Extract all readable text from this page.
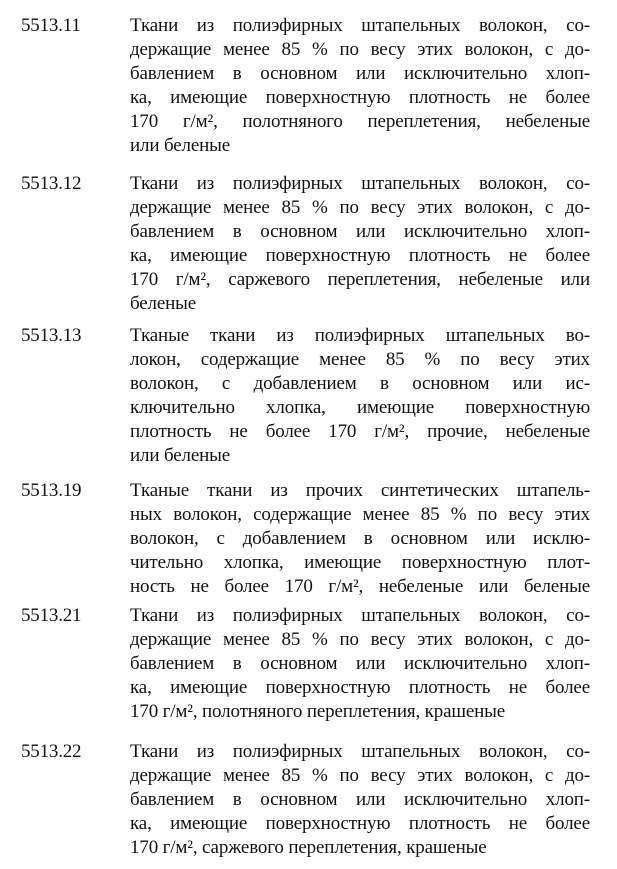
5513.11	Ткани из полиэфирных штапельных волокон, со-
держащие менее 85 % по весу этих волокон, с до-
бавлением в основном или исключительно хлоп-
ка, имеющие поверхностную плотность не более
170 г/м², полотняного переплетения, небеленые
или беленые
5513.12	Ткани из полиэфирных штапельных волокон, со-
держащие менее 85 % по весу этих волокон, с до-
бавлением в основном или исключительно хлоп-
ка, имеющие поверхностную плотность не более
170 г/м², саржевого переплетения, небеленые или
беленые
5513.13	Тканые ткани из полиэфирных штапельных во-
локон, содержащие менее 85 % по весу этих
волокон, с добавлением в основном или ис-
ключительно хлопка, имеющие поверхностную
плотность не более 170 г/м², прочие, небеленые
или беленые
5513.19	Тканые ткани из прочих синтетических штапель-
ных волокон, содержащие менее 85 % по весу этих
волокон, с добавлением в основном или исклю-
чительно хлопка, имеющие поверхностную плот-
ность не более 170 г/м², небеленые или беленые
5513.21	Ткани из полиэфирных штапельных волокон, со-
держащие менее 85 % по весу этих волокон, с до-
бавлением в основном или исключительно хлоп-
ка, имеющие поверхностную плотность не более
170 г/м², полотняного переплетения, крашеные
5513.22	Ткани из полиэфирных штапельных волокон, со-
держащие менее 85 % по весу этих волокон, с до-
бавлением в основном или исключительно хлоп-
ка, имеющие поверхностную плотность не более
170 г/м², саржевого переплетения, крашеные
